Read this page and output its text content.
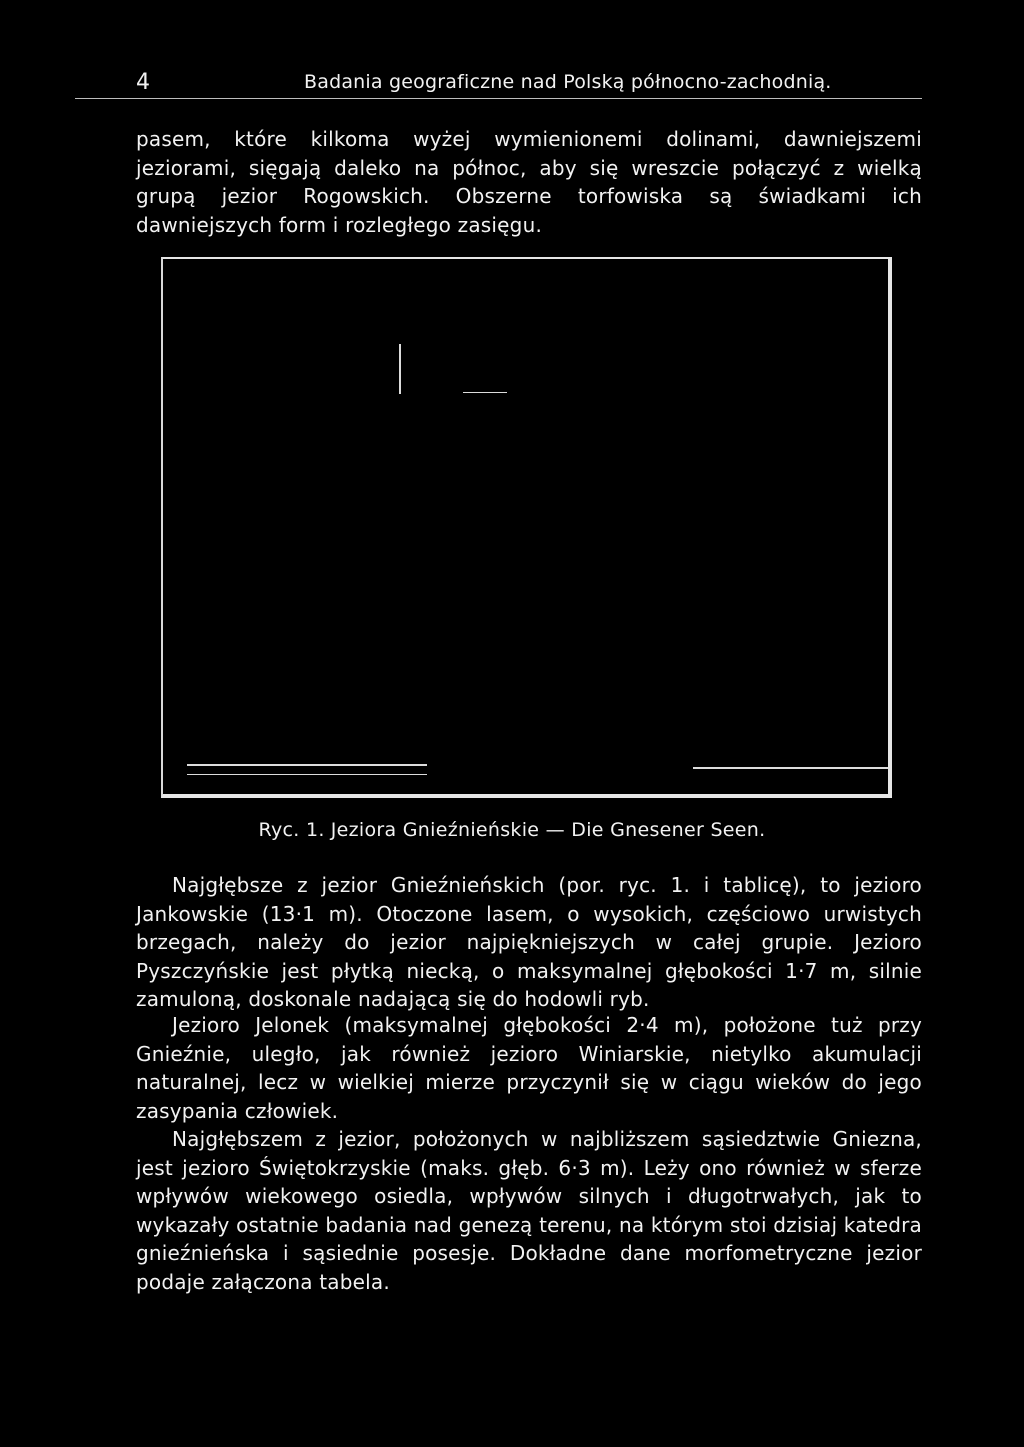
4	Badania geograficzne nad Polską północno-zachodnią.

pasem, które kilkoma wyżej wymienionemi dolinami, dawniejszemi jeziorami, sięgają daleko na północ, aby się wreszcie połączyć z wielką grupą jezior Rogowskich. Obszerne torfowiska są świadkami ich dawniejszych form i rozległego zasięgu.

Ryc. 1. Jeziora Gnieźnieńskie — Die Gnesener Seen.

Najgłębsze z jezior Gnieźnieńskich (por. ryc. 1. i tablicę), to jezioro Jankowskie (13·1 m). Otoczone lasem, o wysokich, częściowo urwistych brzegach, należy do jezior najpiękniejszych w całej grupie. Jezioro Pyszczyńskie jest płytką niecką, o maksymalnej głębokości 1·7 m, silnie zamuloną, doskonale nadającą się do hodowli ryb.

Jezioro Jelonek (maksymalnej głębokości 2·4 m), położone tuż przy Gnieźnie, uległo, jak również jezioro Winiarskie, nietylko akumulacji naturalnej, lecz w wielkiej mierze przyczynił się w ciągu wieków do jego zasypania człowiek.

Najgłębszem z jezior, położonych w najbliższem sąsiedztwie Gniezna, jest jezioro Świętokrzyskie (maks. głęb. 6·3 m). Leży ono również w sferze wpływów wiekowego osiedla, wpływów silnych i długotrwałych, jak to wykazały ostatnie badania nad genezą terenu, na którym stoi dzisiaj katedra gnieźnieńska i sąsiednie posesje. Dokładne dane morfometryczne jezior podaje załączona tabela.
